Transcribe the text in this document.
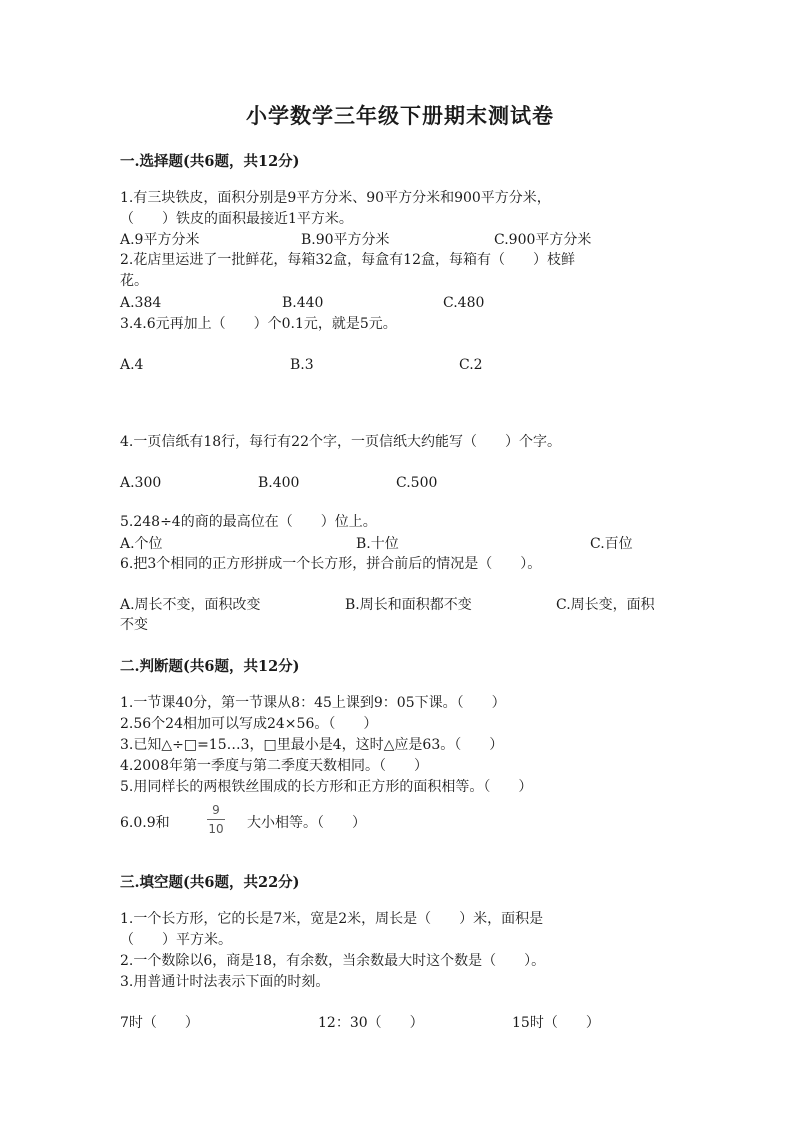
小学数学三年级下册期末测试卷
一.选择题(共6题，共12分)
1.有三块铁皮，面积分别是9平方分米、90平方分米和900平方分米，
（　　）铁皮的面积最接近1平方米。
A.9平方分米	B.90平方分米	C.900平方分米
2.花店里运进了一批鲜花，每箱32盒，每盒有12盒，每箱有（　　）枝鲜
花。
A.384	B.440	C.480
3.4.6元再加上（　　）个0.1元，就是5元。
A.4	B.3	C.2
4.一页信纸有18行，每行有22个字，一页信纸大约能写（　　）个字。
A.300	B.400	C.500
5.248÷4的商的最高位在（　　）位上。
A.个位	B.十位	C.百位
6.把3个相同的正方形拼成一个长方形，拼合前后的情况是（　　）。
A.周长不变，面积改变	B.周长和面积都不变	C.周长变，面积
不变
二.判断题(共6题，共12分)
1.一节课40分，第一节课从8：45上课到9：05下课。（　　）
2.56个24相加可以写成24×56。（　　）
3.已知△÷□=15…3，□里最小是4，这时△应是63。（　　）
4.2008年第一季度与第二季度天数相同。（　　）
5.用同样长的两根铁丝围成的长方形和正方形的面积相等。（　　）
6.0.9和
9
10 大小相等。（　　）
三.填空题(共6题，共22分)
1.一个长方形，它的长是7米，宽是2米，周长是（　　）米，面积是
（　　）平方米。
2.一个数除以6，商是18，有余数，当余数最大时这个数是（　　）。
3.用普通计时法表示下面的时刻。
7时（　　）	12：30（　　）	15时（　　）
